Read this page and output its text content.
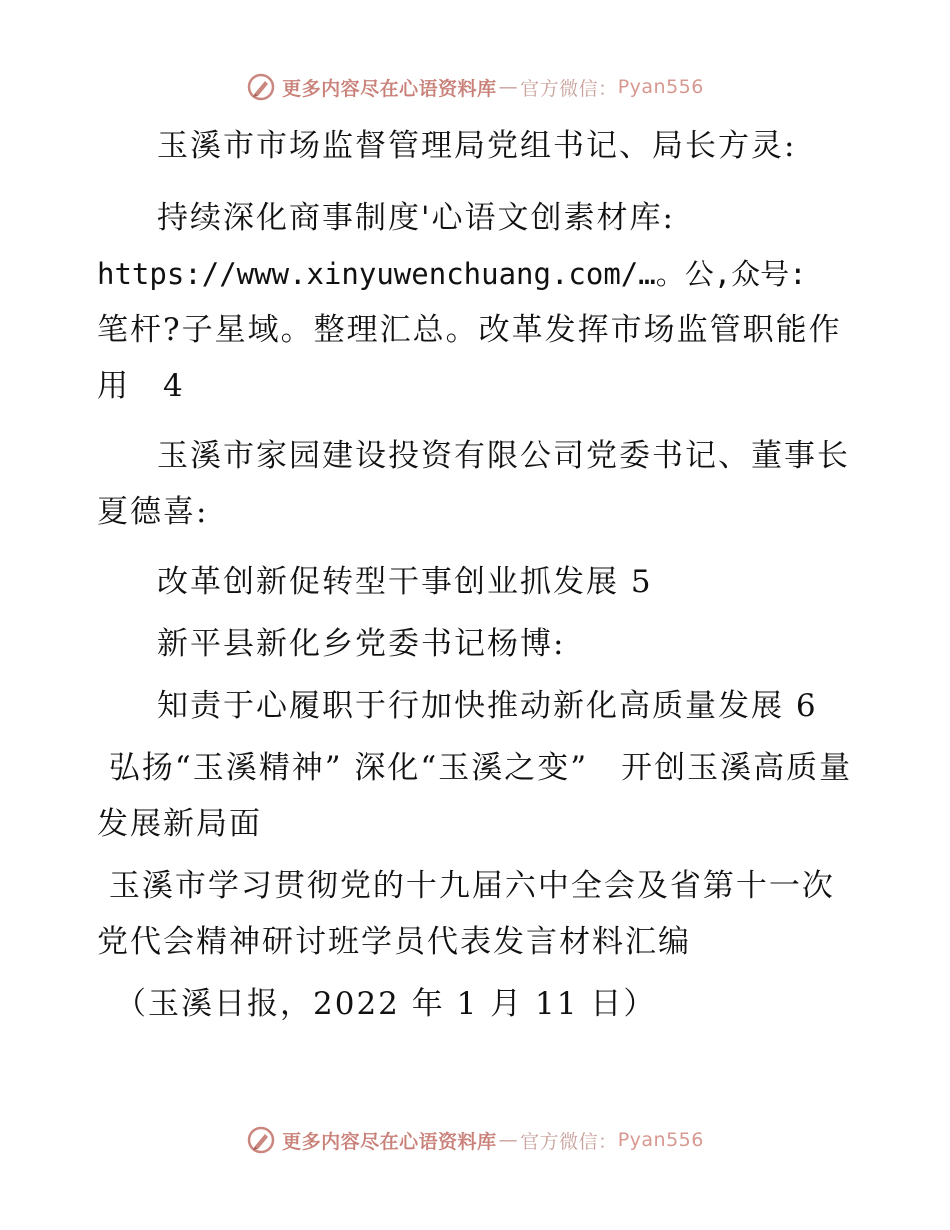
更多内容尽在心语资料库 — 官方微信： Pyan556

玉溪市市场监督管理局党组书记、局长方灵:

持续深化商事制度'心语文创素材库:

https://www.xinyuwenchuang.com/…。公,众号:

笔杆?子星域。整理汇总。改革发挥市场监管职能作用　4

玉溪市家园建设投资有限公司党委书记、董事长夏德喜:

改革创新促转型干事创业抓发展 5

新平县新化乡党委书记杨博:

知责于心履职于行加快推动新化高质量发展 6

弘扬“玉溪精神” 深化“玉溪之变”　开创玉溪高质量发展新局面

玉溪市学习贯彻党的十九届六中全会及省第十一次党代会精神研讨班学员代表发言材料汇编

（玉溪日报，2022 年 1 月 11 日）

更多内容尽在心语资料库 — 官方微信： Pyan556
